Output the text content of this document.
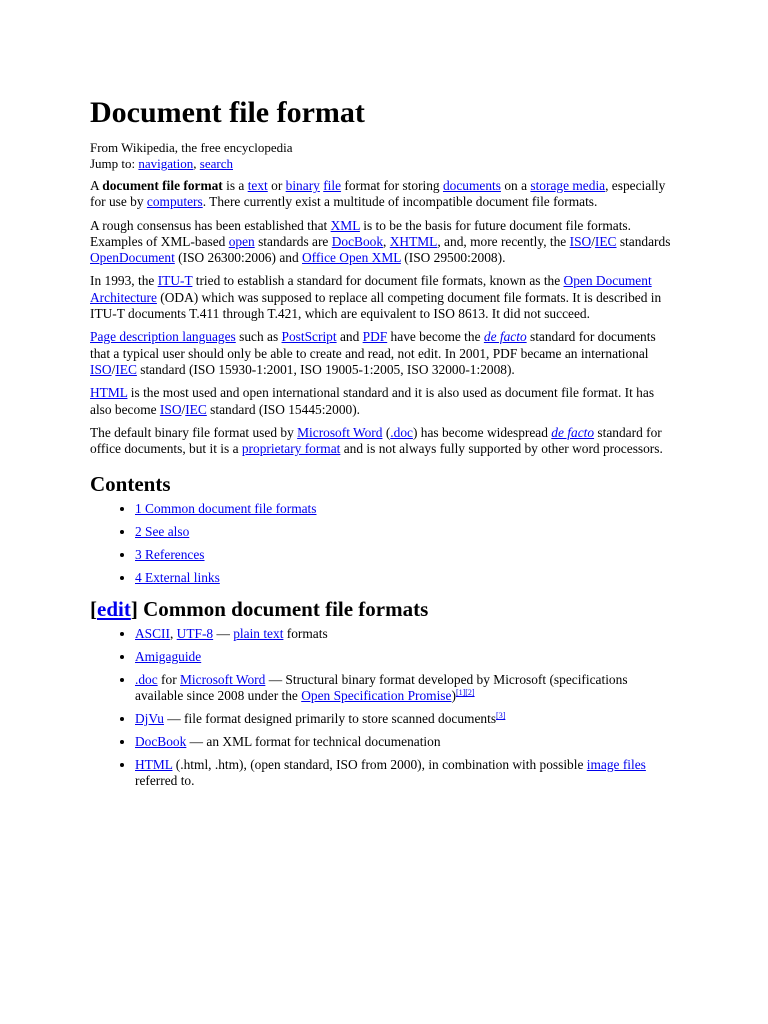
Document file format
From Wikipedia, the free encyclopedia
Jump to: navigation, search

A document file format is a text or binary file format for storing documents on a storage media, especially for use by computers. There currently exist a multitude of incompatible document file formats.

A rough consensus has been established that XML is to be the basis for future document file formats. Examples of XML-based open standards are DocBook, XHTML, and, more recently, the ISO/IEC standards OpenDocument (ISO 26300:2006) and Office Open XML (ISO 29500:2008).

In 1993, the ITU-T tried to establish a standard for document file formats, known as the Open Document Architecture (ODA) which was supposed to replace all competing document file formats. It is described in ITU-T documents T.411 through T.421, which are equivalent to ISO 8613. It did not succeed.

Page description languages such as PostScript and PDF have become the de facto standard for documents that a typical user should only be able to create and read, not edit. In 2001, PDF became an international ISO/IEC standard (ISO 15930-1:2001, ISO 19005-1:2005, ISO 32000-1:2008).

HTML is the most used and open international standard and it is also used as document file format. It has also become ISO/IEC standard (ISO 15445:2000).

The default binary file format used by Microsoft Word (.doc) has become widespread de facto standard for office documents, but it is a proprietary format and is not always fully supported by other word processors.

Contents
• 1 Common document file formats
• 2 See also
• 3 References
• 4 External links
[edit] Common document file formats
• ASCII, UTF-8 — plain text formats
• Amigaguide
• .doc for Microsoft Word — Structural binary format developed by Microsoft (specifications available since 2008 under the Open Specification Promise)[1][2]
• DjVu — file format designed primarily to store scanned documents[3]
• DocBook — an XML format for technical documenation
• HTML (.html, .htm), (open standard, ISO from 2000), in combination with possible image files referred to.
